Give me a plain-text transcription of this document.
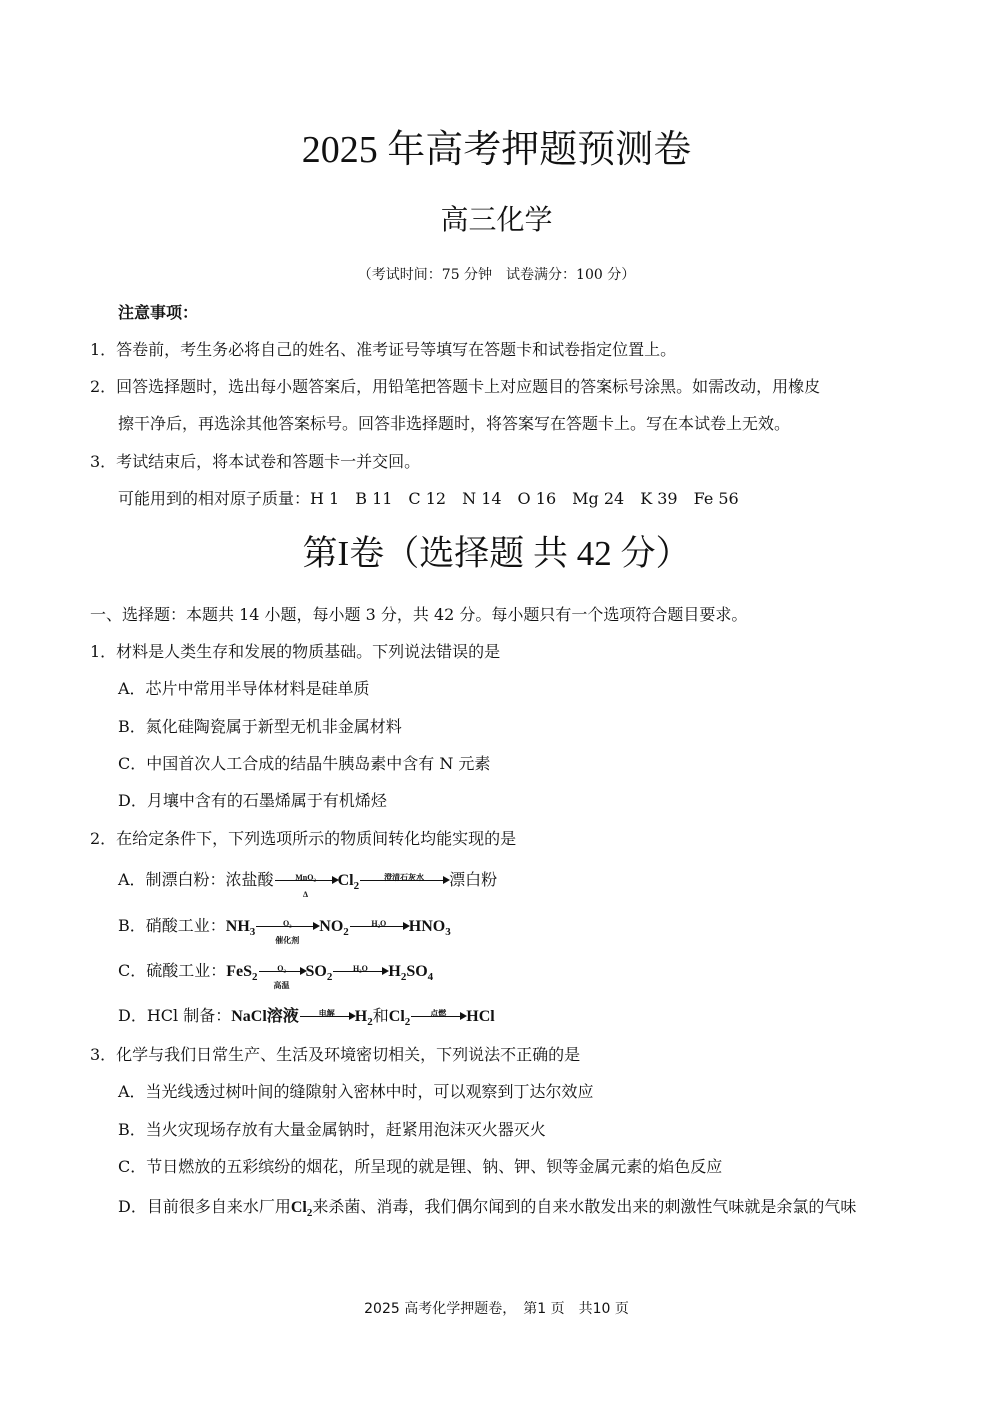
2025 年高考押题预测卷
高三化学
（考试时间：75 分钟　试卷满分：100 分）
注意事项：
1．答卷前，考生务必将自己的姓名、准考证号等填写在答题卡和试卷指定位置上。
2．回答选择题时，选出每小题答案后，用铅笔把答题卡上对应题目的答案标号涂黑。如需改动，用橡皮
擦干净后，再选涂其他答案标号。回答非选择题时，将答案写在答题卡上。写在本试卷上无效。
3．考试结束后，将本试卷和答题卡一并交回。
可能用到的相对原子质量：H 1　B 11　C 12　N 14　O 16　Mg 24　K 39　Fe 56
第I卷（选择题 共 42 分）
一、选择题：本题共 14 小题，每小题 3 分，共 42 分。每小题只有一个选项符合题目要求。
1．材料是人类生存和发展的物质基础。下列说法错误的是
A．芯片中常用半导体材料是硅单质
B．氮化硅陶瓷属于新型无机非金属材料
C．中国首次人工合成的结晶牛胰岛素中含有 N 元素
D．月壤中含有的石墨烯属于有机烯烃
2．在给定条件下，下列选项所示的物质间转化均能实现的是
A．制漂白粉：浓盐酸	MnO₂
Δ
$Cl_2$
澄清石灰水	漂白粉
B．硝酸工业：$NH_3$
O₂
催化剂
$NO_2$
H₂O	$HNO_3$
C．硫酸工业：FeS$_2$
O₂
高温
$SO_2$
H₂O	$H_2SO_4$
D．HCl 制备：NaCl溶液	电解	$H_2$和$Cl_2$
点燃	HCl
3．化学与我们日常生产、生活及环境密切相关，下列说法不正确的是
A．当光线透过树叶间的缝隙射入密林中时，可以观察到丁达尔效应
B．当火灾现场存放有大量金属钠时，赶紧用泡沫灭火器灭火
C．节日燃放的五彩缤纷的烟花，所呈现的就是锂、钠、钾、钡等金属元素的焰色反应
D．目前很多自来水厂用$Cl_2$来杀菌、消毒，我们偶尔闻到的自来水散发出来的刺激性气味就是余氯的气味
2025 高考化学押题卷，　第1 页　共10 页
